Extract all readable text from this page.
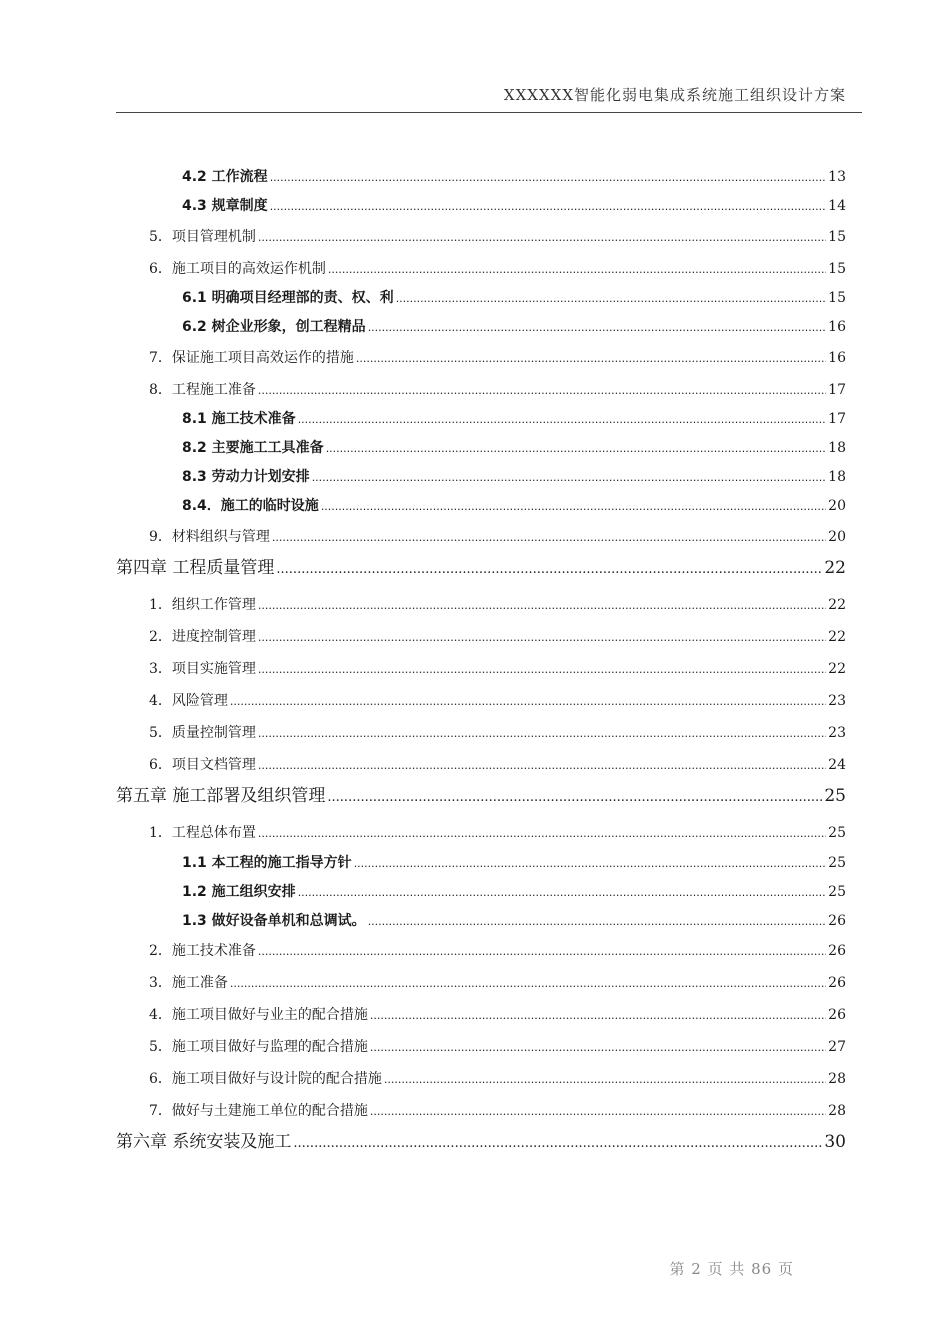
XXXXXX智能化弱电集成系统施工组织设计方案
4.2 工作流程 .....	13
4.3 规章制度 .....	14
5．项目管理机制 .....	15
6．施工项目的高效运作机制 .....	15
6.1 明确项目经理部的责、权、利 .....	15
6.2 树企业形象，创工程精品 .....	16
7．保证施工项目高效运作的措施 .....	16
8．工程施工准备 .....	17
8.1 施工技术准备 .....	17
8.2 主要施工工具准备 .....	18
8.3 劳动力计划安排 .....	18
8.4．施工的临时设施 .....	20
9．材料组织与管理 .....	20
第四章 工程质量管理 .....	22
1．组织工作管理 .....	22
2．进度控制管理 .....	22
3．项目实施管理 .....	22
4．风险管理 .....	23
5．质量控制管理 .....	23
6．项目文档管理 .....	24
第五章 施工部署及组织管理 .....	25
1．工程总体布置 .....	25
1.1 本工程的施工指导方针 .....	25
1.2 施工组织安排 .....	25
1.3 做好设备单机和总调试。 .....	26
2．施工技术准备 .....	26
3．施工准备 .....	26
4．施工项目做好与业主的配合措施 .....	26
5．施工项目做好与监理的配合措施 .....	27
6．施工项目做好与设计院的配合措施 .....	28
7．做好与土建施工单位的配合措施 .....	28
第六章 系统安装及施工 .....	30
第 2 页 共 86 页
